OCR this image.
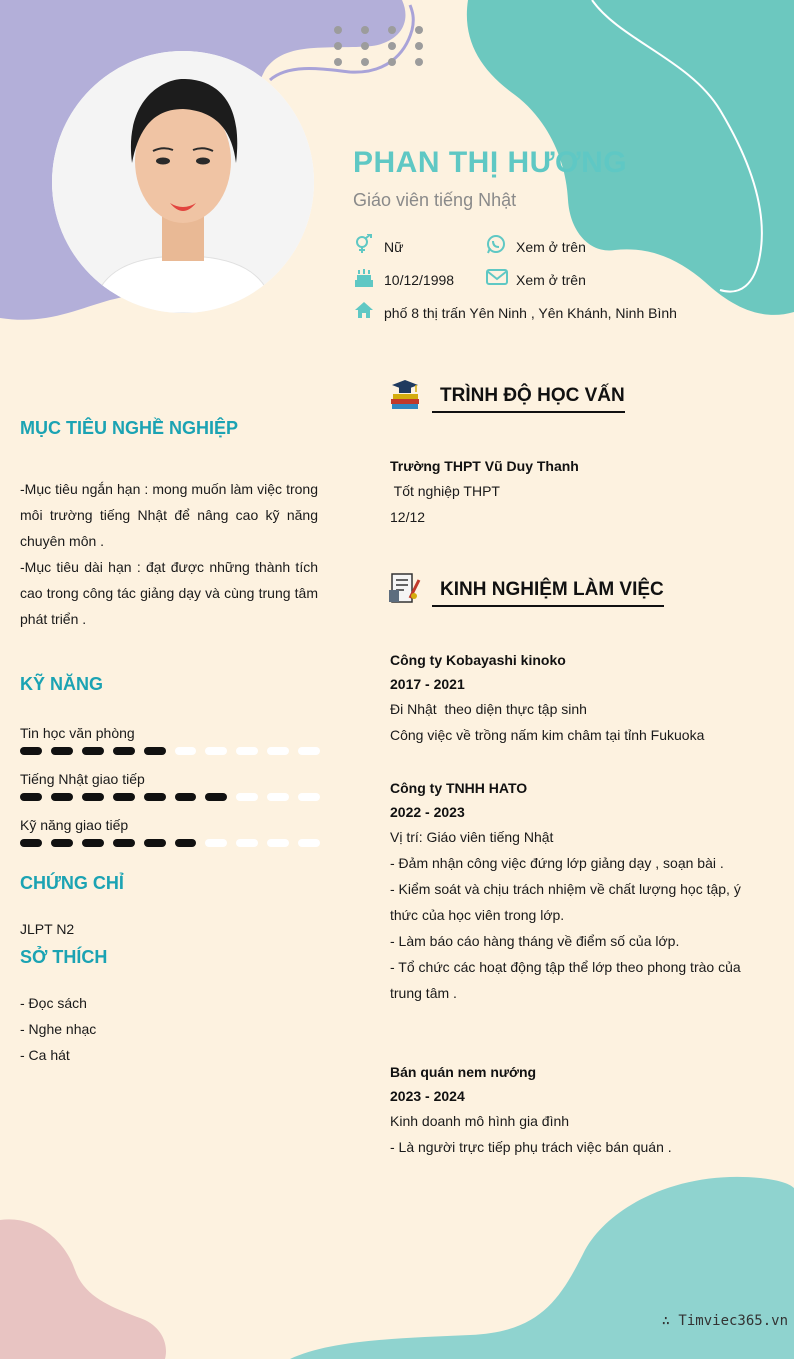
PHAN THỊ HƯƠNG
Giáo viên tiếng Nhật
Nữ	Xem ở trên
10/12/1998	Xem ở trên
phố 8 thị trấn Yên Ninh , Yên Khánh, Ninh Bình
MỤC TIÊU NGHỀ NGHIỆP

-Mục tiêu ngắn hạn : mong muốn làm việc trong môi trường tiếng Nhật để nâng cao kỹ năng chuyên môn .

-Mục tiêu dài hạn : đạt được những thành tích cao trong công tác giảng dạy và cùng trung tâm phát triển .

KỸ NĂNG
Tin học văn phòng
Tiếng Nhật giao tiếp
Kỹ năng giao tiếp
CHỨNG CHỈ
JLPT N2
SỞ THÍCH

- Đọc sách

- Nghe nhạc

- Ca hát

TRÌNH ĐỘ HỌC VẤN
Trường THPT Vũ Duy Thanh
Tốt nghiệp THPT
12/12
KINH NGHIỆM LÀM VIỆC
Công ty Kobayashi kinoko
2017 - 2021

Đi Nhật  theo diện thực tập sinh

Công việc về trồng nấm kim châm tại tỉnh Fukuoka

Công ty TNHH HATO
2022 - 2023

Vị trí: Giáo viên tiếng Nhật

- Đảm nhận công việc đứng lớp giảng dạy , soạn bài .

- Kiểm soát và chịu trách nhiệm về chất lượng học tập, ý thức của học viên trong lớp.

- Làm báo cáo hàng tháng về điểm số của lớp.

- Tổ chức các hoạt động tập thể lớp theo phong trào của trung tâm .

Bán quán nem nướng
2023 - 2024

Kinh doanh mô hình gia đình

- Là người trực tiếp phụ trách việc bán quán .

∴ Timviec365.vn
